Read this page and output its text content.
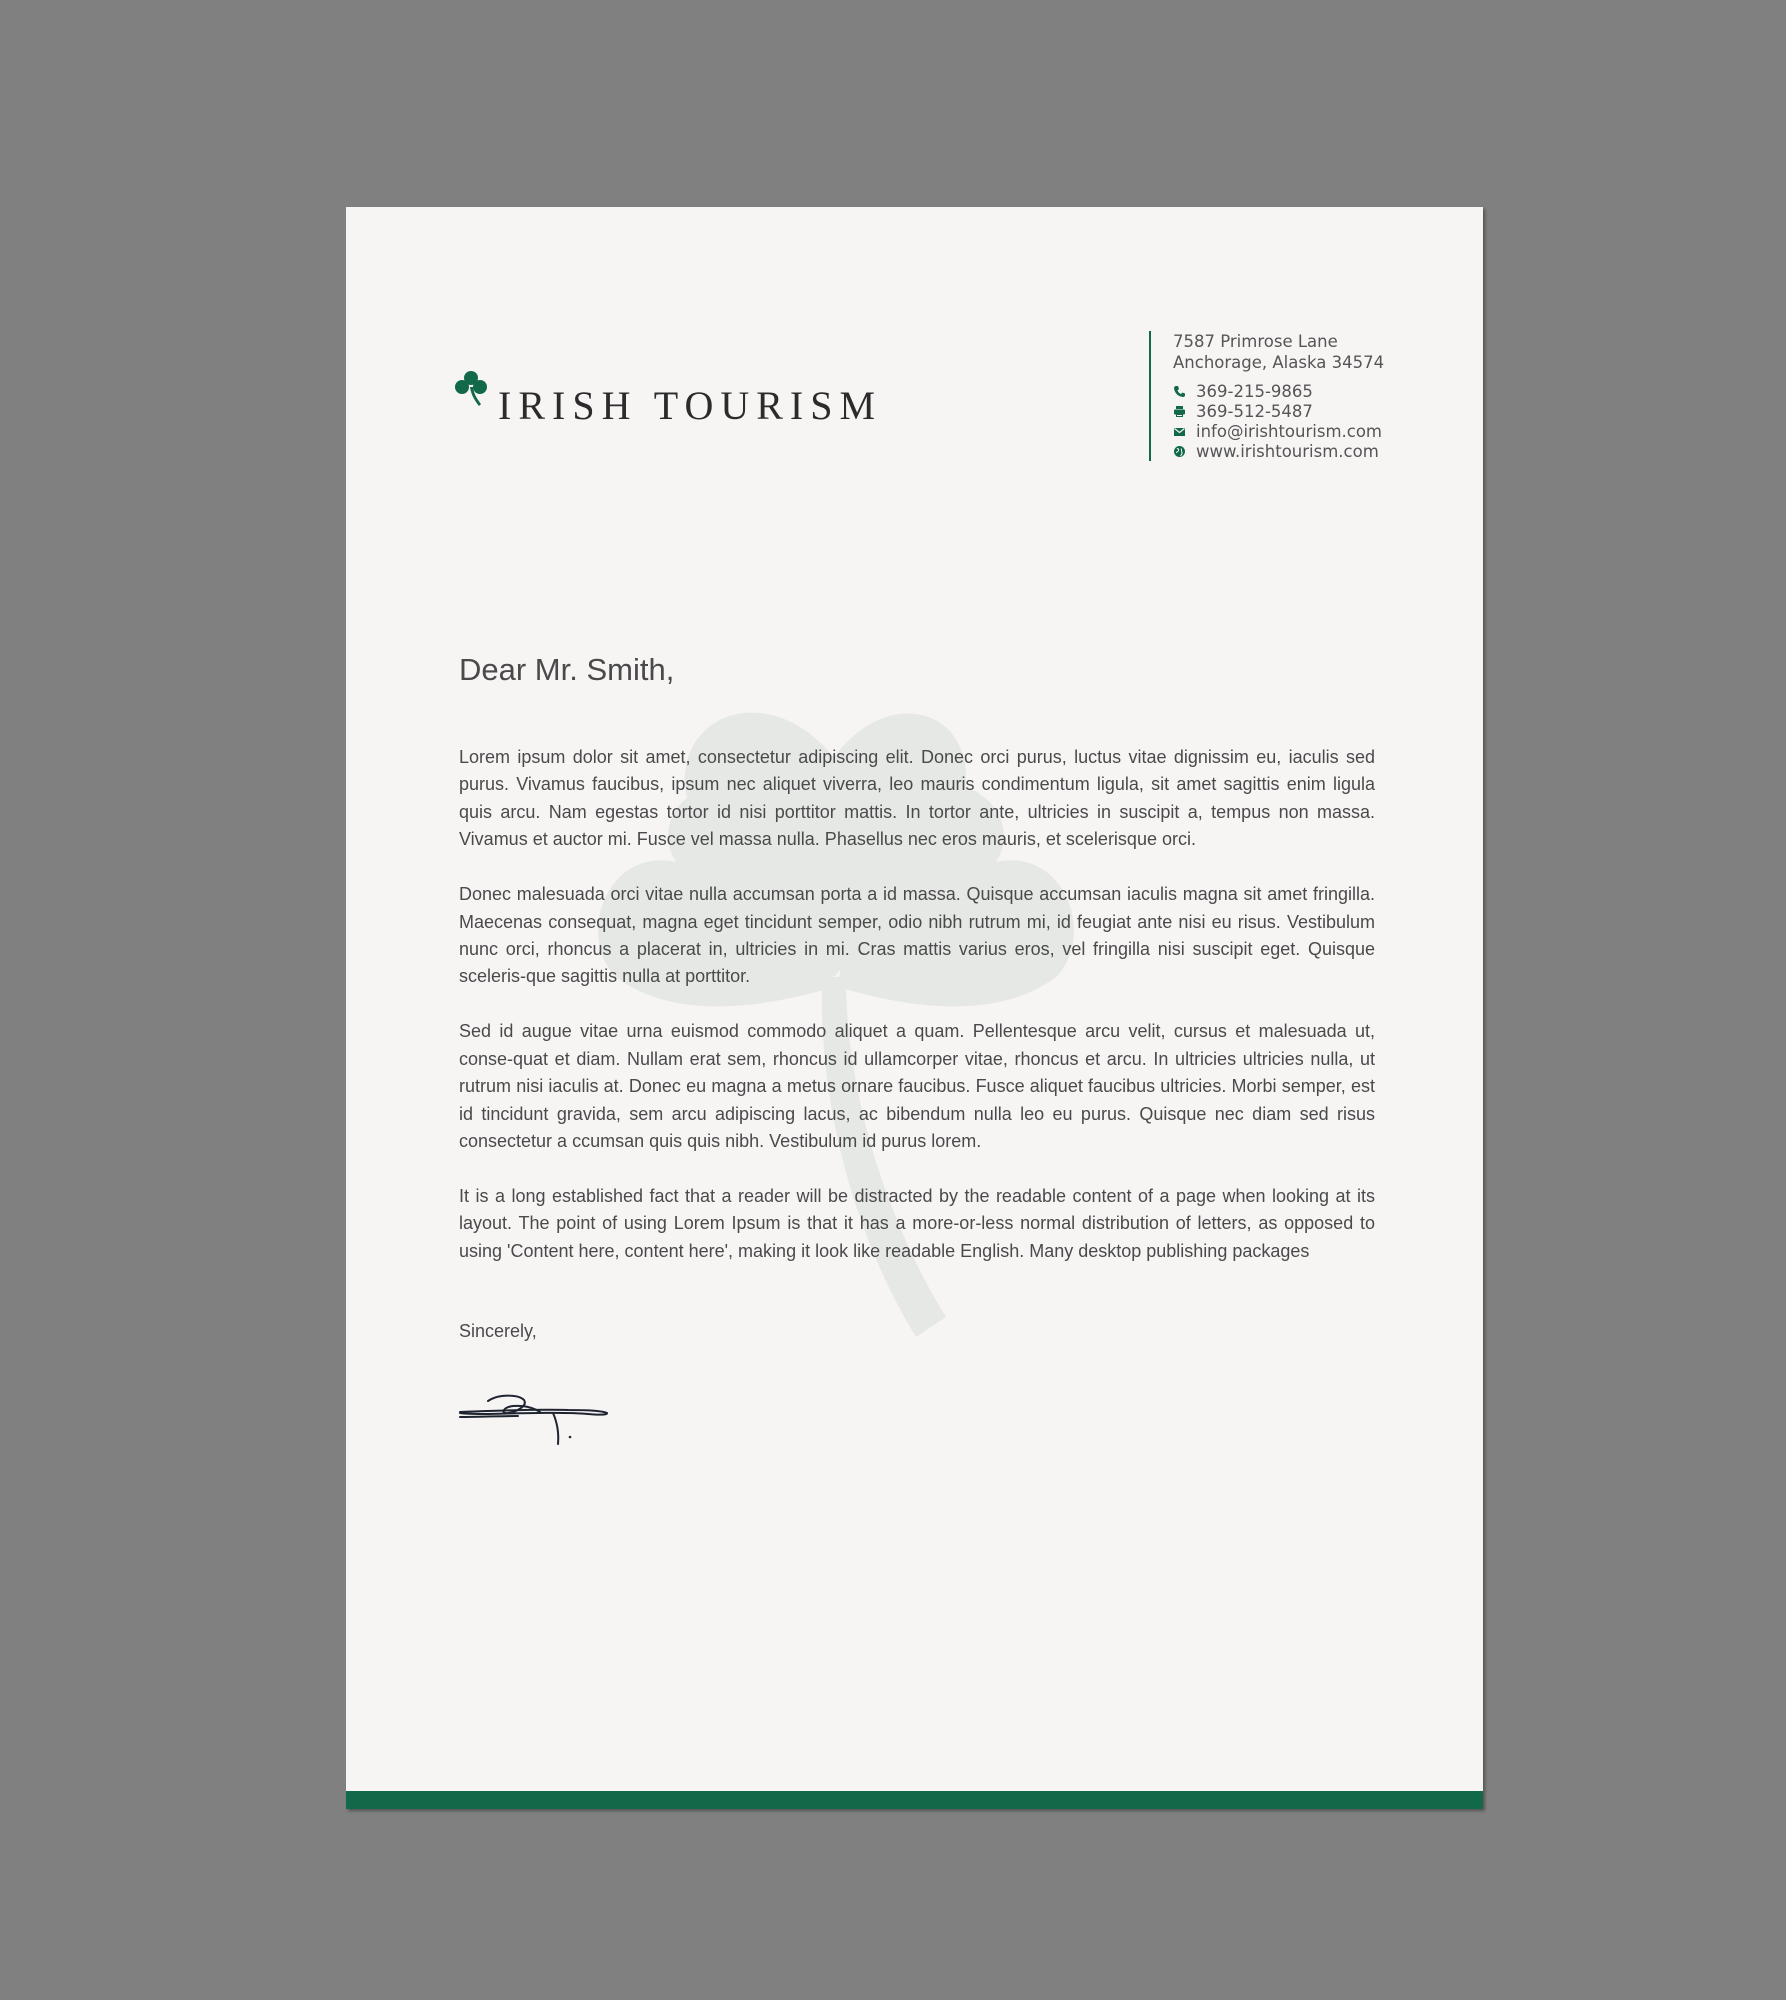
IRISH TOURISM
7587 Primrose Lane
Anchorage, Alaska 34574
369-215-9865
369-512-5487
info@irishtourism.com
www.irishtourism.com
Dear Mr. Smith,

Lorem ipsum dolor sit amet, consectetur adipiscing elit. Donec orci purus, luctus vitae dignissim eu, iaculis sed purus. Vivamus faucibus, ipsum nec aliquet viverra, leo mauris condimentum ligula, sit amet sagittis enim ligula quis arcu. Nam egestas tortor id nisi porttitor mattis. In tortor ante, ultricies in suscipit a, tempus non massa. Vivamus et auctor mi. Fusce vel massa nulla. Phasellus nec eros mauris, et scelerisque orci.

Donec malesuada orci vitae nulla accumsan porta a id massa. Quisque accumsan iaculis magna sit amet fringilla. Maecenas consequat, magna eget tincidunt semper, odio nibh rutrum mi, id feugiat ante nisi eu risus. Vestibulum nunc orci, rhoncus a placerat in, ultricies in mi. Cras mattis varius eros, vel fringilla nisi suscipit eget. Quisque sceleris-que sagittis nulla at porttitor.

Sed id augue vitae urna euismod commodo aliquet a quam. Pellentesque arcu velit, cursus et malesuada ut, conse-quat et diam. Nullam erat sem, rhoncus id ullamcorper vitae, rhoncus et arcu. In ultricies ultricies nulla, ut rutrum nisi iaculis at. Donec eu magna a metus ornare faucibus. Fusce aliquet faucibus ultricies. Morbi semper, est id tincidunt gravida, sem arcu adipiscing lacus, ac bibendum nulla leo eu purus. Quisque nec diam sed risus consectetur a ccumsan quis quis nibh. Vestibulum id purus lorem.

It is a long established fact that a reader will be distracted by the readable content of a page when looking at its layout. The point of using Lorem Ipsum is that it has a more-or-less normal distribution of letters, as opposed to using 'Content here, content here', making it look like readable English. Many desktop publishing packages

Sincerely,
